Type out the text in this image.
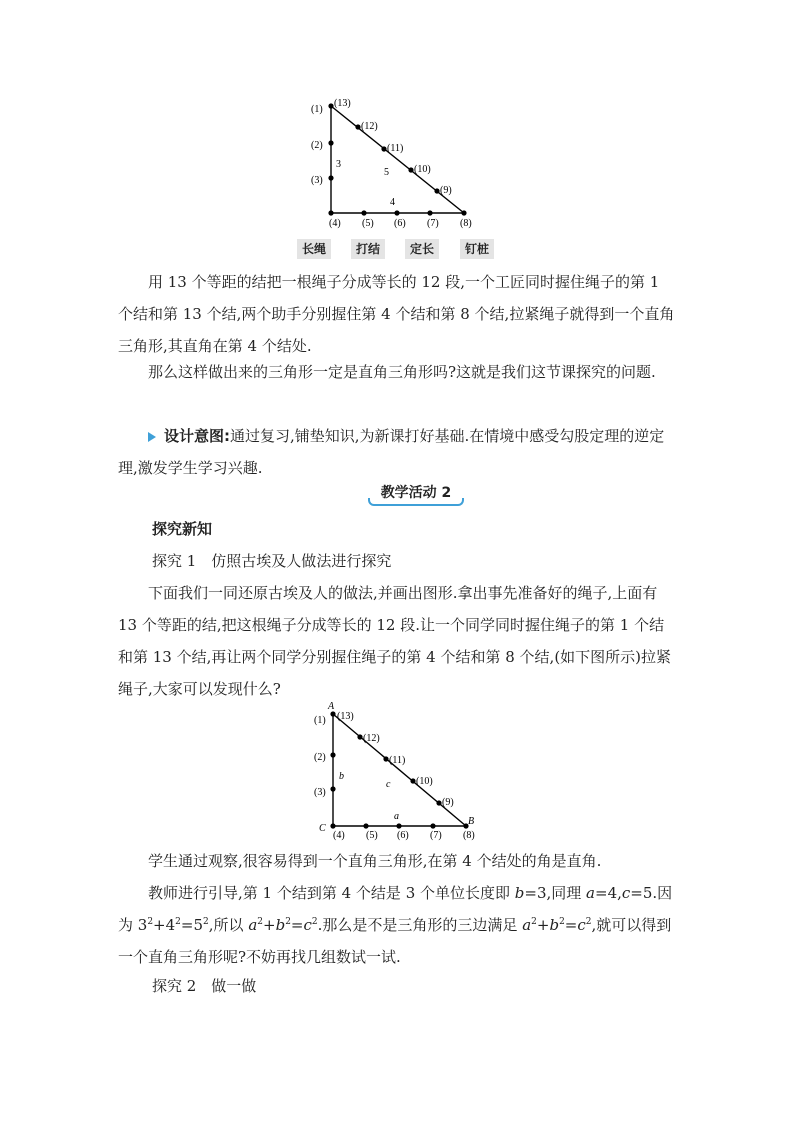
(1)
(13)
(2)
(3)
(12)
(11)
(10)
(9)
(4) (5) (6) (7) (8)
3
5
4
长绳	打结	定长	钉桩

用 13 个等距的结把一根绳子分成等长的 12 段,一个工匠同时握住绳子的第 1 个结和第 13 个结,两个助手分别握住第 4 个结和第 8 个结,拉紧绳子就得到一个直角三角形,其直角在第 4 个结处.

那么这样做出来的三角形一定是直角三角形吗?这就是我们这节课探究的问题.

设计意图:通过复习,铺垫知识,为新课打好基础.在情境中感受勾股定理的逆定理,激发学生学习兴趣.

教学活动 2

探究新知

探究 1　仿照古埃及人做法进行探究

下面我们一同还原古埃及人的做法,并画出图形.拿出事先准备好的绳子,上面有 13 个等距的结,把这根绳子分成等长的 12 段.让一个同学同时握住绳子的第 1 个结和第 13 个结,再让两个同学分别握住绳子的第 4 个结和第 8 个结,(如下图所示)拉紧绳子,大家可以发现什么?

A
B
C
(1) (13)
(2)
(3)
(12)
(11)
(10)
(9)
(4) (5) (6) (7) (8)
b
c
a

学生通过观察,很容易得到一个直角三角形,在第 4 个结处的角是直角.

教师进行引导,第 1 个结到第 4 个结是 3 个单位长度即 b=3,同理 a=4,c=5.因为 $3^2+4^2=5^2$,所以 $a^2+b^2=c^2$.那么是不是三角形的三边满足 $a^2+b^2=c^2$,就可以得到一个直角三角形呢?不妨再找几组数试一试.

探究 2　做一做
